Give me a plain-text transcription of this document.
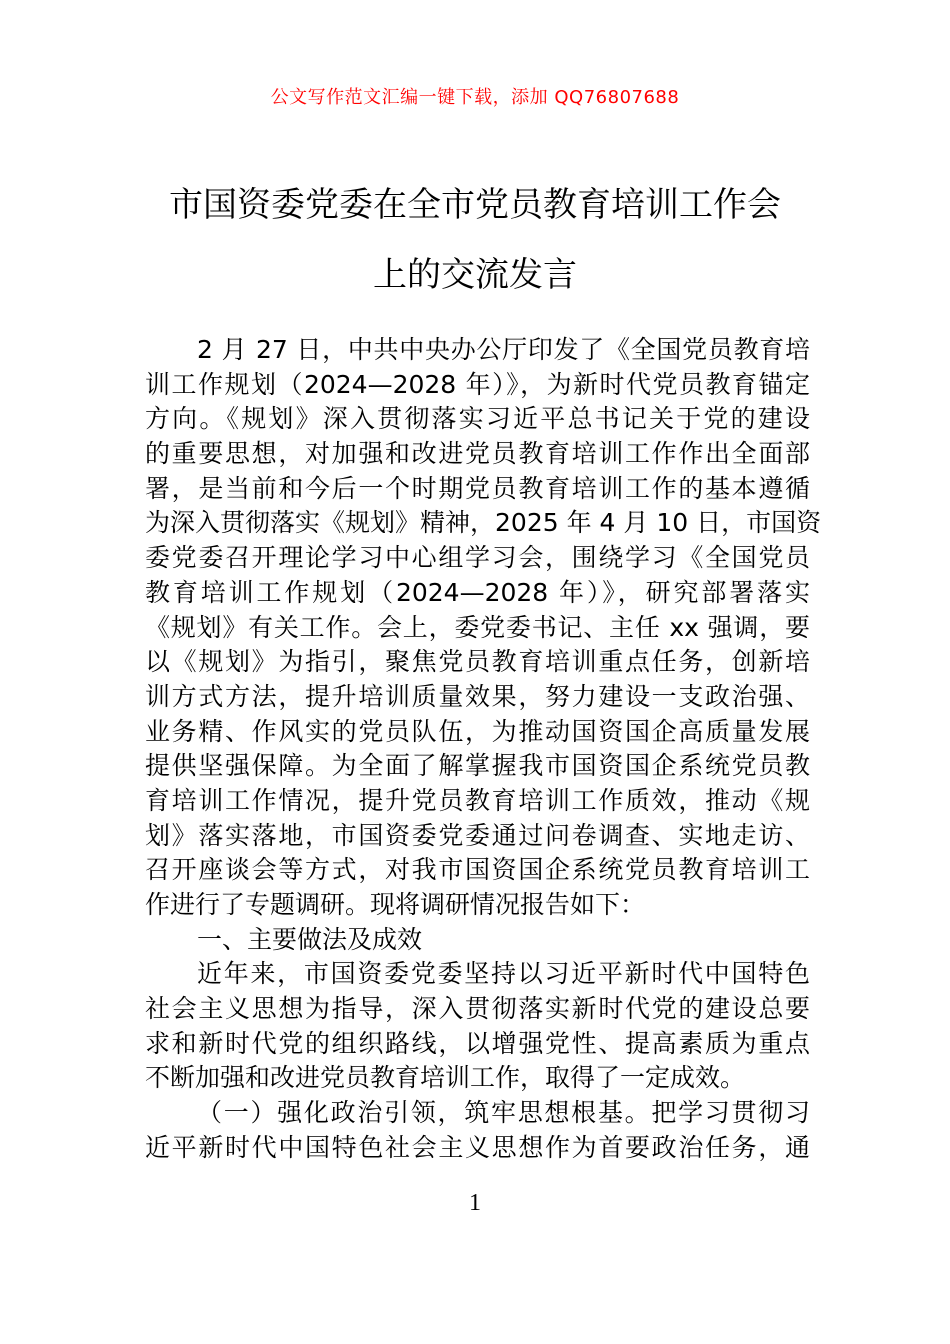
公文写作范文汇编一键下载，添加 QQ76807688
市国资委党委在全市党员教育培训工作会
上的交流发言
2 月 27 日，中共中央办公厅印发了《全国党员教育培
训工作规划（2024—2028 年）》，为新时代党员教育锚定
方向。《规划》深入贯彻落实习近平总书记关于党的建设
的重要思想，对加强和改进党员教育培训工作作出全面部
署，是当前和今后一个时期党员教育培训工作的基本遵循
为深入贯彻落实《规划》精神，2025 年 4 月 10 日，市国资
委党委召开理论学习中心组学习会，围绕学习《全国党员
教育培训工作规划（2024—2028 年）》，研究部署落实
《规划》有关工作。会上，委党委书记、主任 xx 强调，要
以《规划》为指引，聚焦党员教育培训重点任务，创新培
训方式方法，提升培训质量效果，努力建设一支政治强、
业务精、作风实的党员队伍，为推动国资国企高质量发展
提供坚强保障。为全面了解掌握我市国资国企系统党员教
育培训工作情况，提升党员教育培训工作质效，推动《规
划》落实落地，市国资委党委通过问卷调查、实地走访、
召开座谈会等方式，对我市国资国企系统党员教育培训工
作进行了专题调研。现将调研情况报告如下：
一、主要做法及成效
近年来，市国资委党委坚持以习近平新时代中国特色
社会主义思想为指导，深入贯彻落实新时代党的建设总要
求和新时代党的组织路线，以增强党性、提高素质为重点
不断加强和改进党员教育培训工作，取得了一定成效。
（一）强化政治引领，筑牢思想根基。把学习贯彻习
近平新时代中国特色社会主义思想作为首要政治任务，通
1
